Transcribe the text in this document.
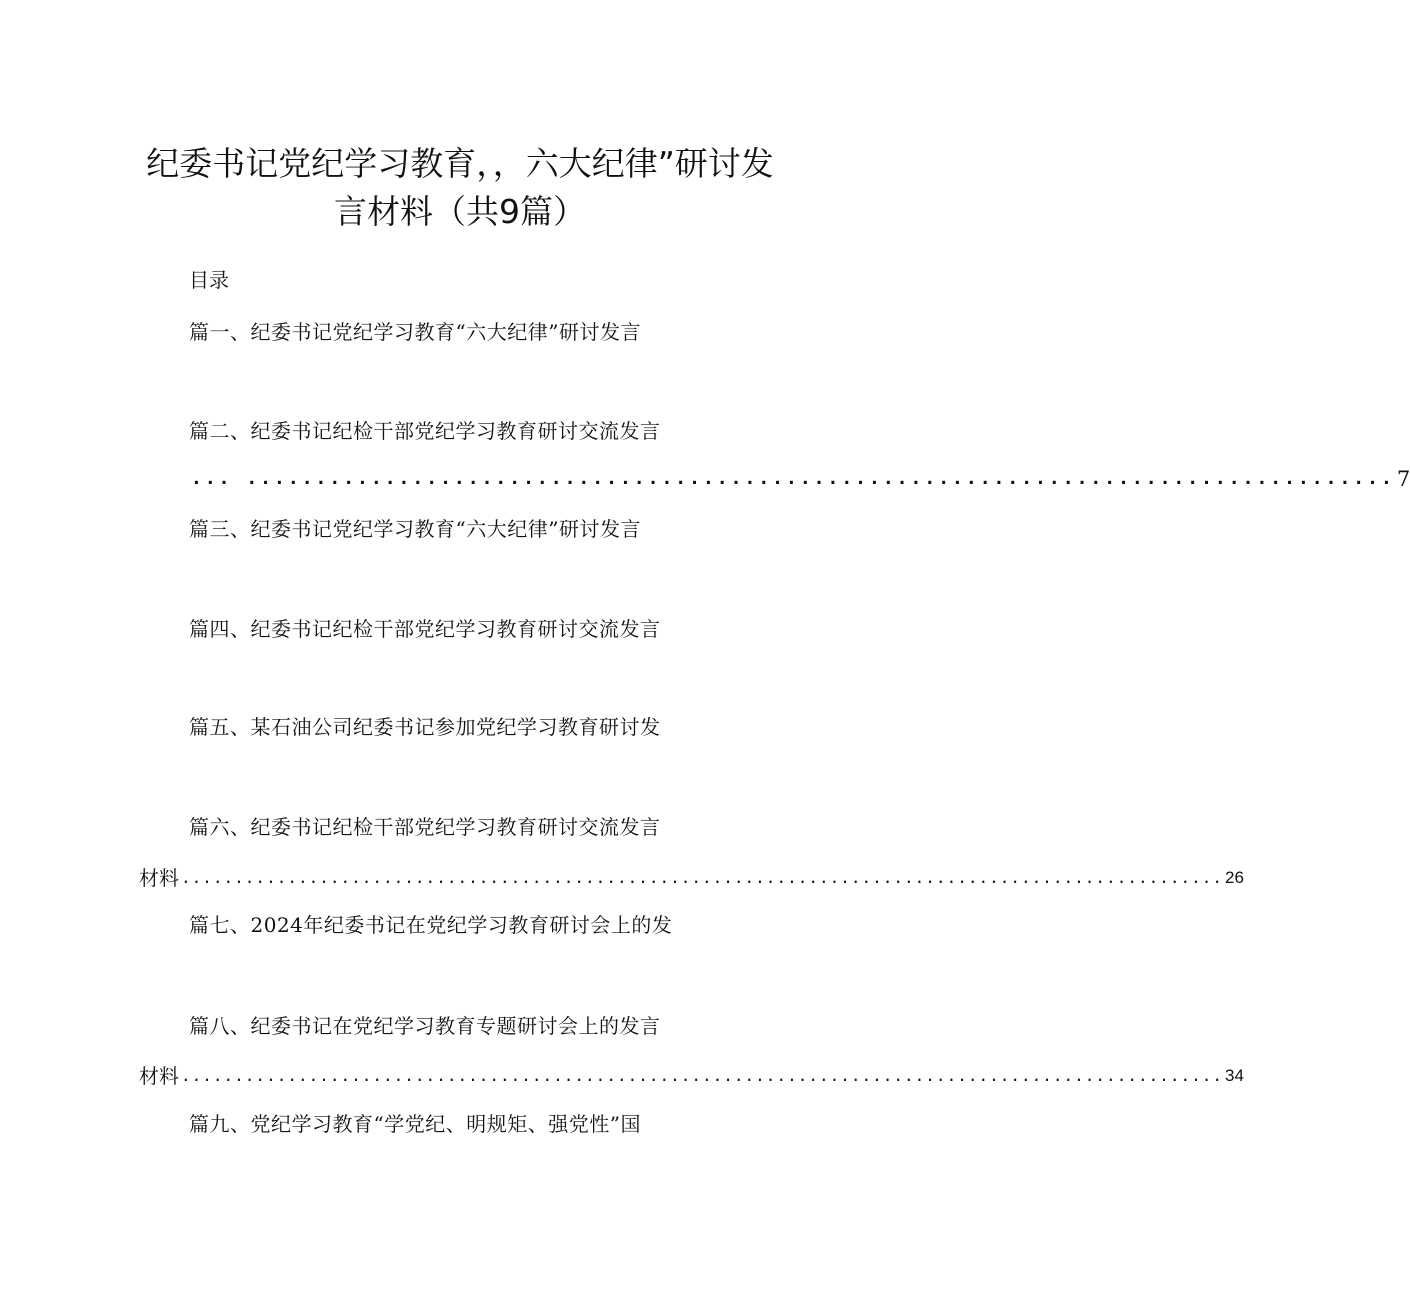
纪委书记党纪学习教育，，六大纪律”研讨发
言材料（共9篇）
目录
篇一、纪委书记党纪学习教育“六大纪律”研讨发言
篇二、纪委书记纪检干部党纪学习教育研讨交流发言
... ................................................................................... 7
篇三、纪委书记党纪学习教育“六大纪律”研讨发言
篇四、纪委书记纪检干部党纪学习教育研讨交流发言
篇五、某石油公司纪委书记参加党纪学习教育研讨发
篇六、纪委书记纪检干部党纪学习教育研讨交流发言
材料 .................................................................................................. 26
篇七、2024年纪委书记在党纪学习教育研讨会上的发
篇八、纪委书记在党纪学习教育专题研讨会上的发言
材料 .................................................................................................. 34
篇九、党纪学习教育“学党纪、明规矩、强党性”国
